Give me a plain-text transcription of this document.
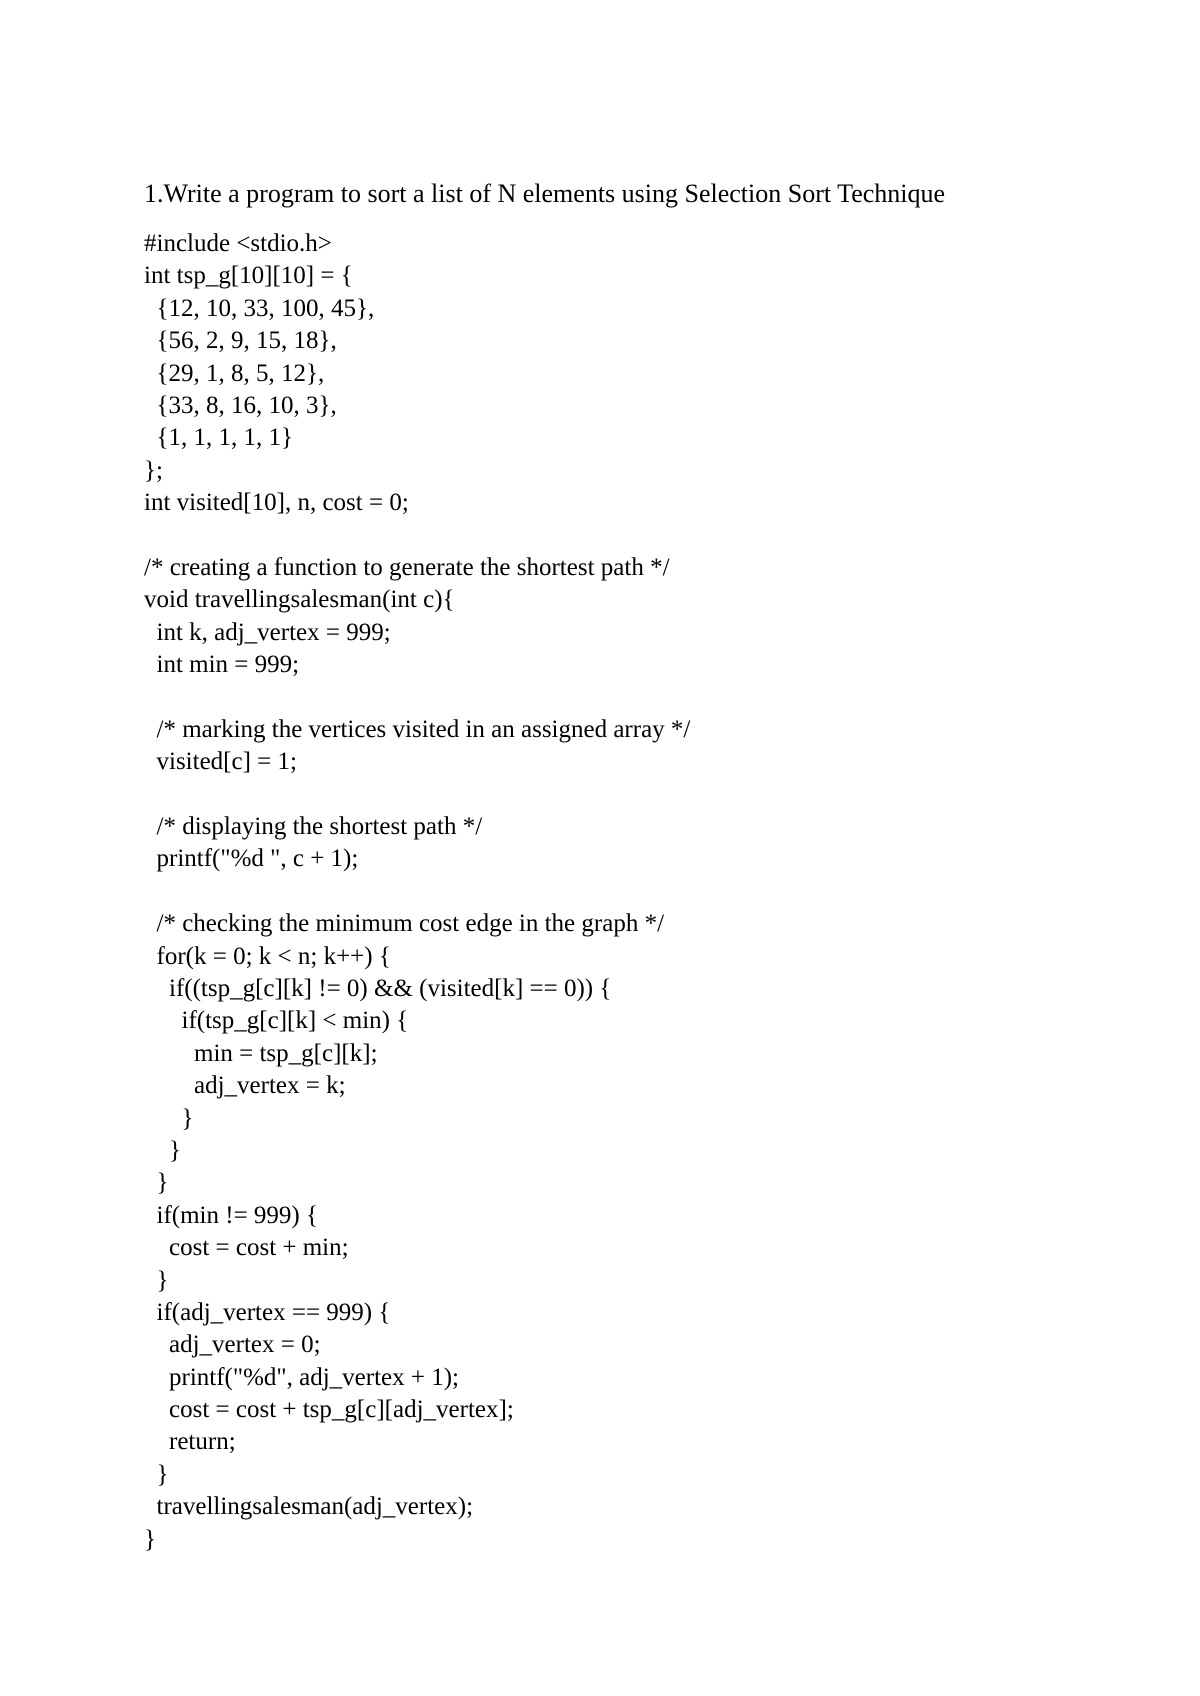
1.Write a program to sort a list of N elements using Selection Sort Technique
#include <stdio.h>
int tsp_g[10][10] = {
{12, 10, 33, 100, 45},
{56, 2, 9, 15, 18},
{29, 1, 8, 5, 12},
{33, 8, 16, 10, 3},
{1, 1, 1, 1, 1}
};
int visited[10], n, cost = 0;
/* creating a function to generate the shortest path */
void travellingsalesman(int c){
int k, adj_vertex = 999;
int min = 999;
/* marking the vertices visited in an assigned array */
visited[c] = 1;
/* displaying the shortest path */
printf("%d ", c + 1);
/* checking the minimum cost edge in the graph */
for(k = 0; k < n; k++) {
if((tsp_g[c][k] != 0) && (visited[k] == 0)) {
if(tsp_g[c][k] < min) {
min = tsp_g[c][k];
adj_vertex = k;
}
}
}
if(min != 999) {
cost = cost + min;
}
if(adj_vertex == 999) {
adj_vertex = 0;
printf("%d", adj_vertex + 1);
cost = cost + tsp_g[c][adj_vertex];
return;
}
travellingsalesman(adj_vertex);
}
